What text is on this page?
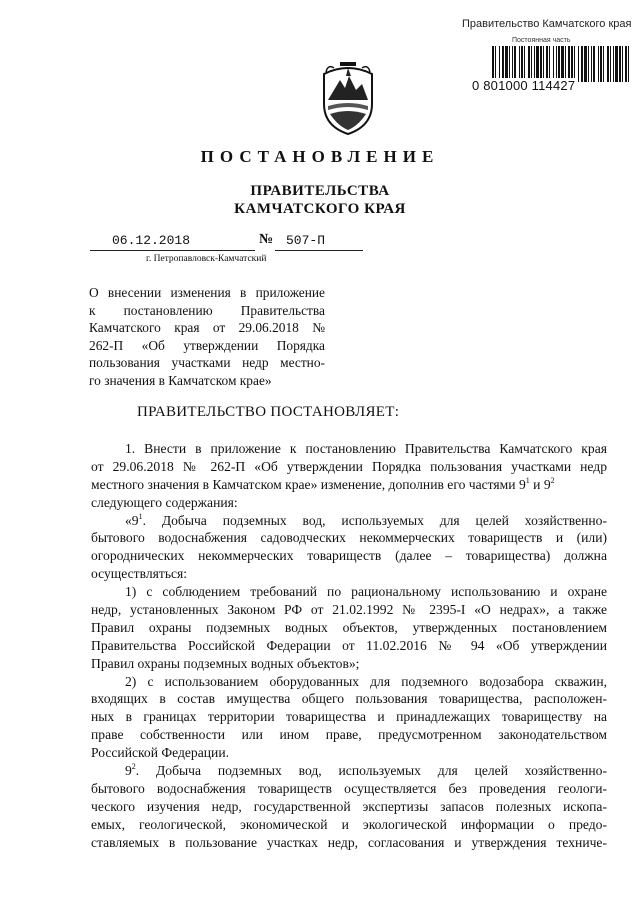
Правительство Камчатского края
Постоянная часть
0 801000 114427
ПОСТАНОВЛЕНИЕ
ПРАВИТЕЛЬСТВА
КАМЧАТСКОГО КРАЯ
06.12.2018	№ 507-П
г. Петропавловск-Камчатский
О внесении изменения в приложение
к постановлению Правительства
Камчатского края от 29.06.2018 №
262-П «Об утверждении Порядка
пользования участками недр местно-
го значения в Камчатском крае»
ПРАВИТЕЛЬСТВО ПОСТАНОВЛЯЕТ:
1. Внести в приложение к постановлению Правительства Камчатского края
от 29.06.2018 № 262-П «Об утверждении Порядка пользования участками недр
местного значения в Камчатском крае» изменение, дополнив его частями $9^1$ и $9^2$
следующего содержания:
«$9^1$. Добыча подземных вод, используемых для целей хозяйственно-
бытового водоснабжения садоводческих некоммерческих товариществ и (или)
огороднических некоммерческих товариществ (далее – товарищества) должна
осуществляться:
1) с соблюдением требований по рациональному использованию и охране
недр, установленных Законом РФ от 21.02.1992 № 2395-I «О недрах», а также
Правил охраны подземных водных объектов, утвержденных постановлением
Правительства Российской Федерации от 11.02.2016 № 94 «Об утверждении
Правил охраны подземных водных объектов»;
2) с использованием оборудованных для подземного водозабора скважин,
входящих в состав имущества общего пользования товарищества, расположен-
ных в границах территории товарищества и принадлежащих товариществу на
праве собственности или ином праве, предусмотренном законодательством
Российской Федерации.
$9^2$. Добыча подземных вод, используемых для целей хозяйственно-
бытового водоснабжения товариществ осуществляется без проведения геологи-
ческого изучения недр, государственной экспертизы запасов полезных ископа-
емых, геологической, экономической и экологической информации о предо-
ставляемых в пользование участках недр, согласования и утверждения техниче-
